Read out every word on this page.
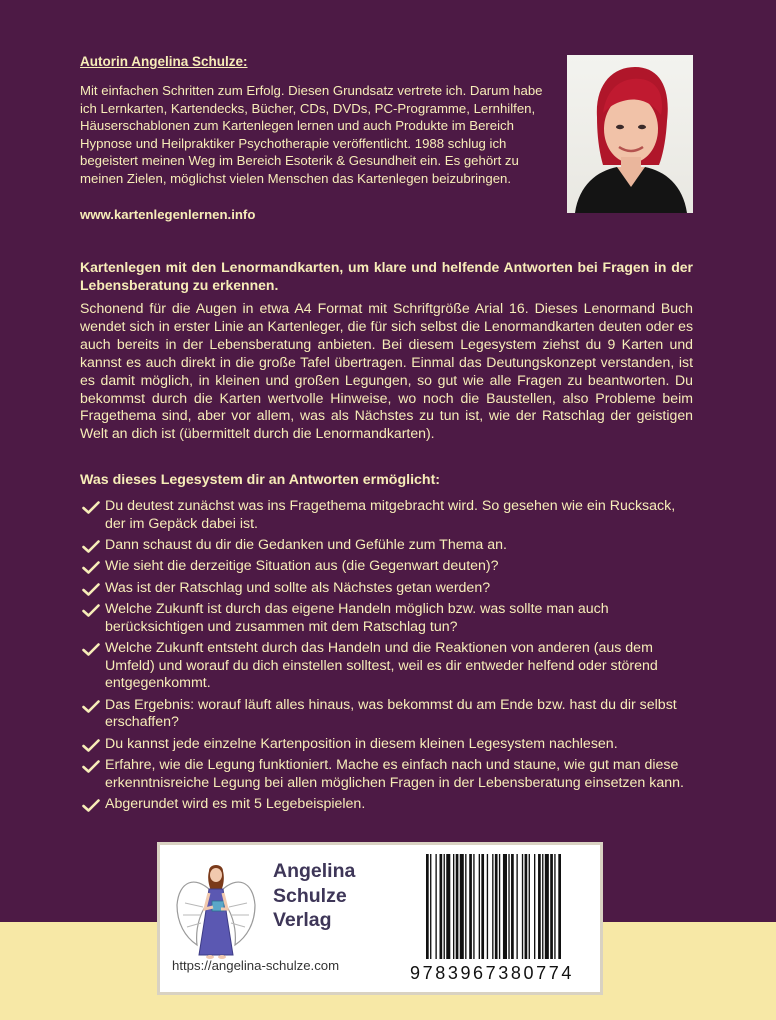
Autorin Angelina Schulze:
Mit einfachen Schritten zum Erfolg. Diesen Grundsatz vertrete ich. Darum habe ich Lernkarten, Kartendecks, Bücher, CDs, DVDs, PC-Programme, Lernhilfen, Häuserschablonen zum Kartenlegen lernen und auch Produkte im Bereich Hypnose und Heilpraktiker Psychotherapie veröffentlicht. 1988 schlug ich begeistert meinen Weg im Bereich Esoterik & Gesundheit ein. Es gehört zu meinen Zielen, möglichst vielen Menschen das Kartenlegen beizubringen.
www.kartenlegenlernen.info
Kartenlegen mit den Lenormandkarten, um klare und helfende Antworten bei Fragen in der Lebensberatung zu erkennen.
Schonend für die Augen in etwa A4 Format mit Schriftgröße Arial 16. Dieses Lenormand Buch wendet sich in erster Linie an Kartenleger, die für sich selbst die Lenormandkarten deuten oder es auch bereits in der Lebensberatung anbieten. Bei diesem Legesystem ziehst du 9 Karten und kannst es auch direkt in die große Tafel übertragen. Einmal das Deutungskonzept verstanden, ist es damit möglich, in kleinen und großen Legungen, so gut wie alle Fragen zu beantworten. Du bekommst durch die Karten wertvolle Hinweise, wo noch die Baustellen, also Probleme beim Fragethema sind, aber vor allem, was als Nächstes zu tun ist, wie der Ratschlag der geistigen Welt an dich ist (übermittelt durch die Lenormandkarten).
Was dieses Legesystem dir an Antworten ermöglicht:
Du deutest zunächst was ins Fragethema mitgebracht wird. So gesehen wie ein Rucksack, der im Gepäck dabei ist.
Dann schaust du dir die Gedanken und Gefühle zum Thema an.
Wie sieht die derzeitige Situation aus (die Gegenwart deuten)?
Was ist der Ratschlag und sollte als Nächstes getan werden?
Welche Zukunft ist durch das eigene Handeln möglich bzw. was sollte man auch berücksichtigen und zusammen mit dem Ratschlag tun?
Welche Zukunft entsteht durch das Handeln und die Reaktionen von anderen (aus dem Umfeld) und worauf du dich einstellen solltest, weil es dir entweder helfend oder störend entgegenkommt.
Das Ergebnis: worauf läuft alles hinaus, was bekommst du am Ende bzw. hast du dir selbst erschaffen?
Du kannst jede einzelne Kartenposition in diesem kleinen Legesystem nachlesen.
Erfahre, wie die Legung funktioniert. Mache es einfach nach und staune, wie gut man diese erkenntnisreiche Legung bei allen möglichen Fragen in der Lebensberatung einsetzen kann.
Abgerundet wird es mit 5 Legebeispielen.
Angelina
Schulze
Verlag
https://angelina-schulze.com	9783967380774
